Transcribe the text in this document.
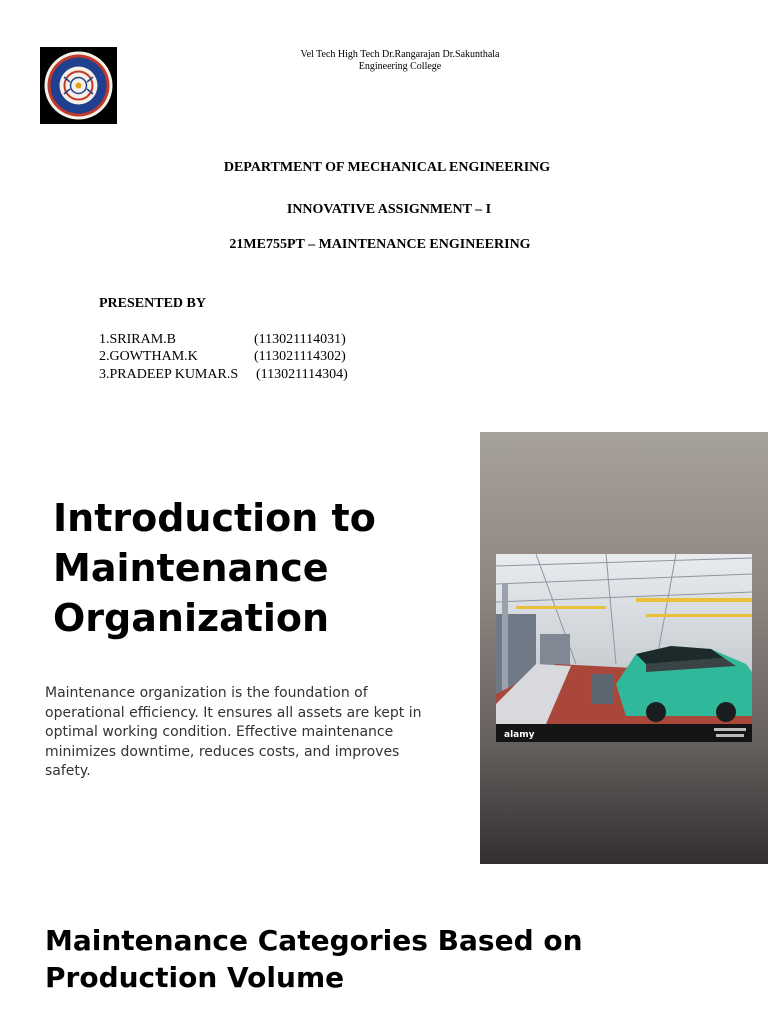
Vel Tech High Tech Dr.Rangarajan Dr.Sakunthala Engineering College
DEPARTMENT OF MECHANICAL ENGINEERING
INNOVATIVE ASSIGNMENT – I
21ME755PT – MAINTENANCE ENGINEERING
PRESENTED BY
1.SRIRAM.B	(113021114031)
2.GOWTHAM.K	(113021114302)
3.PRADEEP KUMAR.S (113021114304)
Introduction to Maintenance Organization
Maintenance organization is the foundation of operational efficiency. It ensures all assets are kept in optimal working condition. Effective maintenance minimizes downtime, reduces costs, and improves safety.
alamy
Maintenance Categories Based on Production Volume
